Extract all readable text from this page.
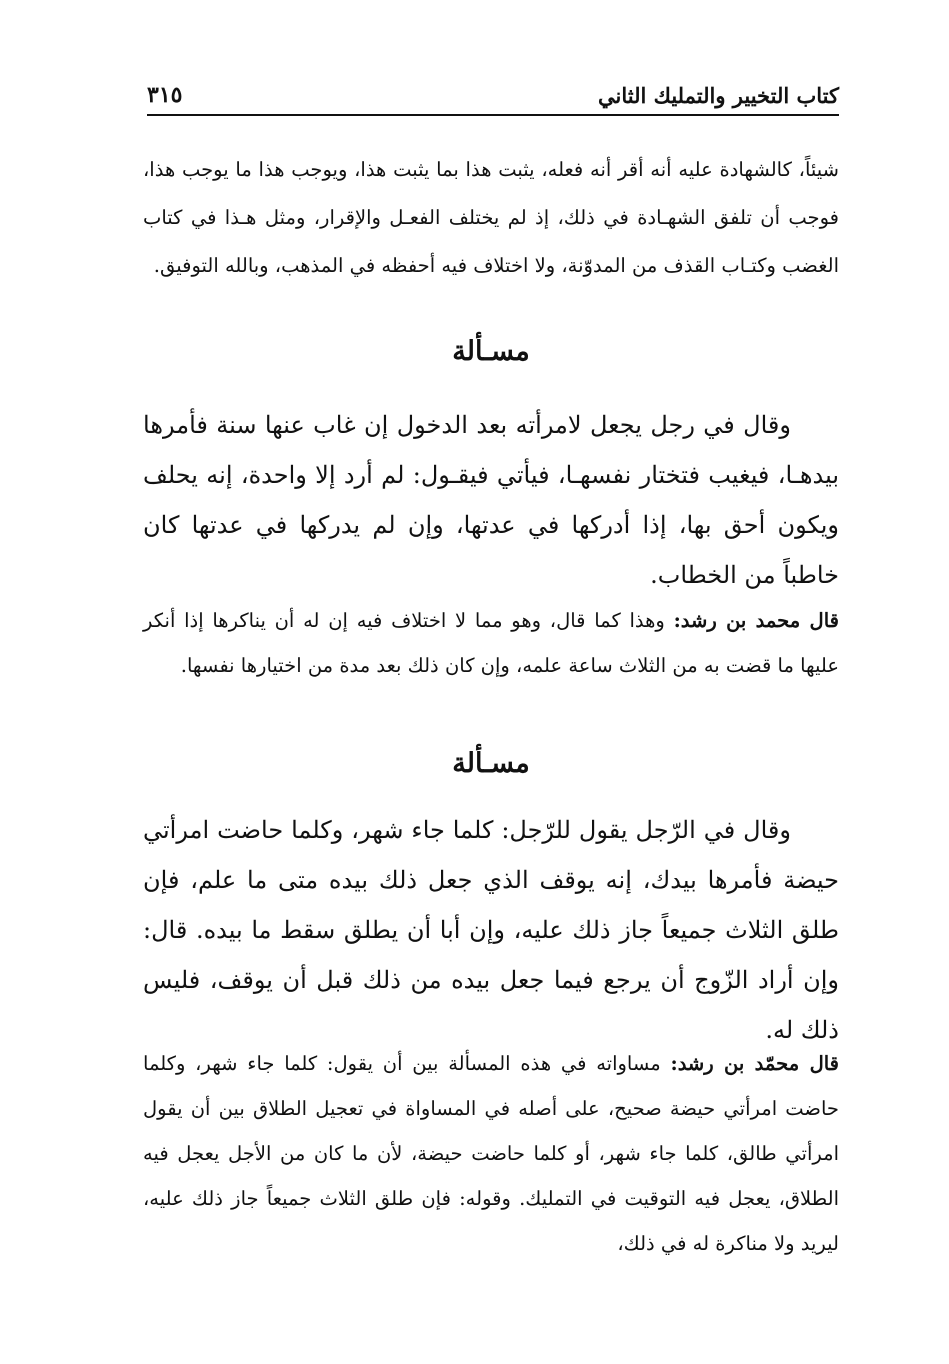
كتاب التخيير والتمليك الثاني
٣١٥
شيئاً، كالشهادة عليه أنه أقر أنه فعله، يثبت هذا بما يثبت هذا، ويوجب هذا ما يوجب هذا، فوجب أن تلفق الشهـادة في ذلك، إذ لم يختلف الفعـل والإقرار، ومثل هـذا في كتاب الغضب وكتـاب القذف من المدوّنة، ولا اختلاف فيه أحفظه في المذهب، وبالله التوفيق.
مسـألة
وقال في رجل يجعل لامرأته بعد الدخول إن غاب عنها سنة فأمرها بيدهـا، فيغيب فتختار نفسهـا، فيأتي فيقـول: لم أرد إلا واحدة، إنه يحلف ويكون أحق بها، إذا أدركها في عدتها، وإن لم يدركها في عدتها كان خاطباً من الخطاب.
قال محمد بن رشد: وهذا كما قال، وهو مما لا اختلاف فيه إن له أن يناكرها إذا أنكر عليها ما قضت به من الثلاث ساعة علمه، وإن كان ذلك بعد مدة من اختيارها نفسها.
مسـألة
وقال في الرّجل يقول للرّجل: كلما جاء شهر، وكلما حاضت امرأتي حيضة فأمرها بيدك، إنه يوقف الذي جعل ذلك بيده متى ما علم، فإن طلق الثلاث جميعاً جاز ذلك عليه، وإن أبا أن يطلق سقط ما بيده. قال: وإن أراد الزّوج أن يرجع فيما جعل بيده من ذلك قبل أن يوقف، فليس ذلك له.
قال محمّد بن رشد: مساواته في هذه المسألة بين أن يقول: كلما جاء شهر، وكلما حاضت امرأتي حيضة صحيح، على أصله في المساواة في تعجيل الطلاق بين أن يقول امرأتي طالق، كلما جاء شهر، أو كلما حاضت حيضة، لأن ما كان من الأجل يعجل فيه الطلاق، يعجل فيه التوقيت في التمليك. وقوله: فإن طلق الثلاث جميعاً جاز ذلك عليه، ليريد ولا مناكرة له في ذلك،
